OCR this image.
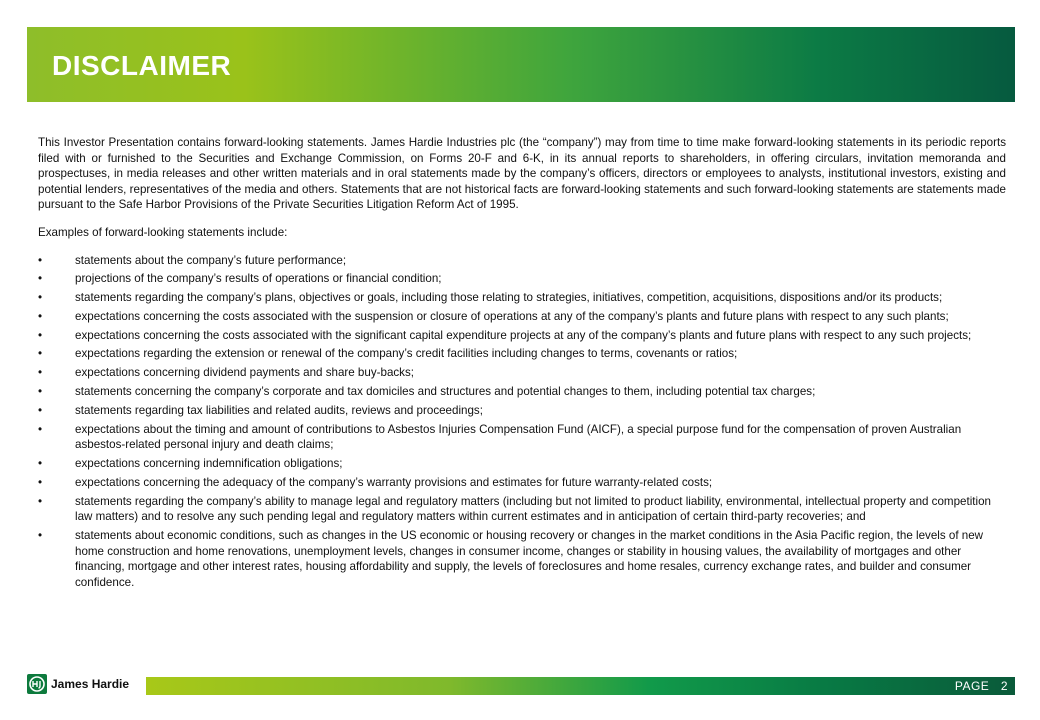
DISCLAIMER

This Investor Presentation contains forward-looking statements. James Hardie Industries plc (the “company”) may from time to time make forward-looking statements in its periodic reports filed with or furnished to the Securities and Exchange Commission, on Forms 20-F and 6-K, in its annual reports to shareholders, in offering circulars, invitation memoranda and prospectuses, in media releases and other written materials and in oral statements made by the company’s officers, directors or employees to analysts, institutional investors, existing and potential lenders, representatives of the media and others. Statements that are not historical facts are forward-looking statements and such forward-looking statements are statements made pursuant to the Safe Harbor Provisions of the Private Securities Litigation Reform Act of 1995.

Examples of forward-looking statements include:

•	statements about the company’s future performance;
•	projections of the company’s results of operations or financial condition;
•	statements regarding the company’s plans, objectives or goals, including those relating to strategies, initiatives, competition, acquisitions, dispositions and/or its products;
•	expectations concerning the costs associated with the suspension or closure of operations at any of the company’s plants and future plans with respect to any such plants;
•	expectations concerning the costs associated with the significant capital expenditure projects at any of the company’s plants and future plans with respect to any such projects;
•	expectations regarding the extension or renewal of the company’s credit facilities including changes to terms, covenants or ratios;
•	expectations concerning dividend payments and share buy-backs;
•	statements concerning the company’s corporate and tax domiciles and structures and potential changes to them, including potential tax charges;
•	statements regarding tax liabilities and related audits, reviews and proceedings;
•	expectations about the timing and amount of contributions to Asbestos Injuries Compensation Fund (AICF), a special purpose fund for the compensation of proven Australian asbestos-related personal injury and death claims;
•	expectations concerning indemnification obligations;
•	expectations concerning the adequacy of the company’s warranty provisions and estimates for future warranty-related costs;
•	statements regarding the company’s ability to manage legal and regulatory matters (including but not limited to product liability, environmental, intellectual property and competition law matters) and to resolve any such pending legal and regulatory matters within current estimates and in anticipation of certain third-party recoveries; and
•	statements about economic conditions, such as changes in the US economic or housing recovery or changes in the market conditions in the Asia Pacific region, the levels of new home construction and home renovations, unemployment levels, changes in consumer income, changes or stability in housing values, the availability of mortgages and other financing, mortgage and other interest rates, housing affordability and supply, the levels of foreclosures and home resales, currency exchange rates, and builder and consumer confidence.
James Hardie	PAGE   2
